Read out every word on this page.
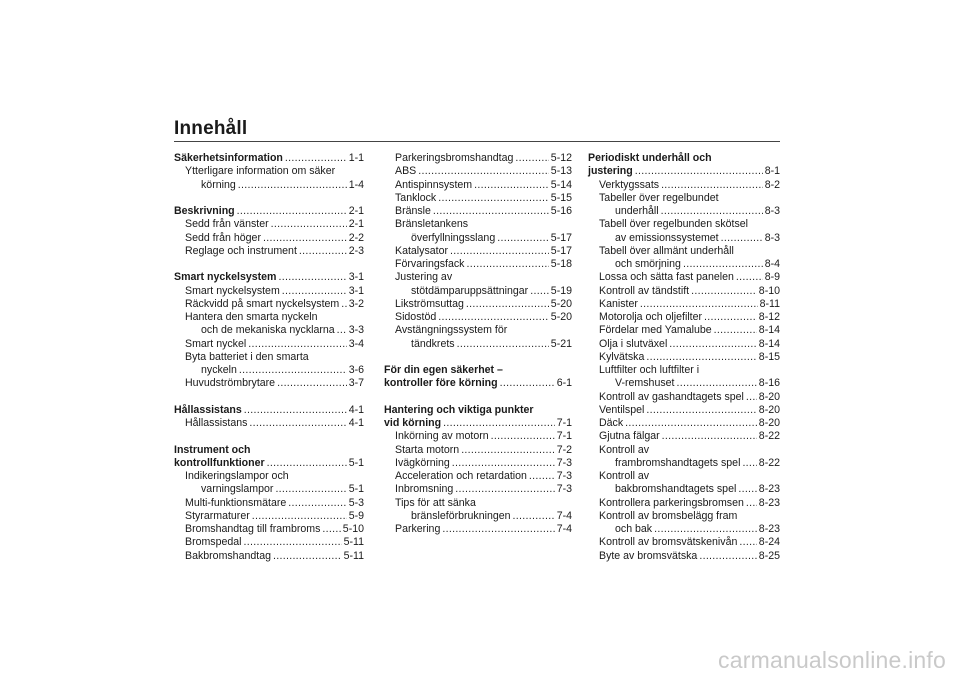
Innehåll
Säkerhetsinformation .....	1-1
Ytterligare information om säker
körning .....	1-4
Beskrivning .....	2-1
Sedd från vänster .....	2-1
Sedd från höger .....	2-2
Reglage och instrument .....	2-3
Smart nyckelsystem .....	3-1
Smart nyckelsystem .....	3-1
Räckvidd på smart nyckelsystem ..... 3-2
Hantera den smarta nyckeln
och de mekaniska nycklarna ..... 3-3
Smart nyckel .....	3-4
Byta batteriet i den smarta
nyckeln .....	3-6
Huvudströmbrytare .....	3-7
Hållassistans .....	4-1
Hållassistans .....	4-1
Instrument och
kontrollfunktioner .....	5-1
Indikeringslampor och
varningslampor .....	5-1
Multi-funktionsmätare .....	5-3
Styrarmaturer .....	5-9
Bromshandtag till frambroms ..... 5-10
Bromspedal .....	5-11
Bakbromshandtag .....	5-11
Parkeringsbromshandtag .....	5-12
ABS .....	5-13
Antispinnsystem .....	5-14
Tanklock .....	5-15
Bränsle .....	5-16
Bränsletankens
överfyllningsslang .....	5-17
Katalysator .....	5-17
Förvaringsfack .....	5-18
Justering av
stötdämparuppsättningar ..... 5-19
Likströmsuttag .....	5-20
Sidostöd .....	5-20
Avstängningssystem för
tändkrets .....	5-21
För din egen säkerhet –
kontroller före körning .....	6-1
Hantering och viktiga punkter
vid körning .....	7-1
Inkörning av motorn .....	7-1
Starta motorn .....	7-2
Ivägkörning .....	7-3
Acceleration och retardation .....	7-3
Inbromsning .....	7-3
Tips för att sänka
bränsleförbrukningen .....	7-4
Parkering .....	7-4
Periodiskt underhåll och
justering .....	8-1
Verktygssats .....	8-2
Tabeller över regelbundet
underhåll .....	8-3
Tabell över regelbunden skötsel
av emissionssystemet .....	8-3
Tabell över allmänt underhåll
och smörjning .....	8-4
Lossa och sätta fast panelen .....	8-9
Kontroll av tändstift .....	8-10
Kanister .....	8-11
Motorolja och oljefilter .....	8-12
Fördelar med Yamalube .....	8-14
Olja i slutväxel .....	8-14
Kylvätska .....	8-15
Luftfilter och luftfilter i
V-remshuset .....	8-16
Kontroll av gashandtagets spel ..... 8-20
Ventilspel .....	8-20
Däck .....	8-20
Gjutna fälgar .....	8-22
Kontroll av
frambromshandtagets spel ..... 8-22
Kontroll av
bakbromshandtagets spel ..... 8-23
Kontrollera parkeringsbromsen ..... 8-23
Kontroll av bromsbelägg fram
och bak .....	8-23
Kontroll av bromsvätskenivån ..... 8-24
Byte av bromsvätska .....	8-25
carmanualsonline.info
